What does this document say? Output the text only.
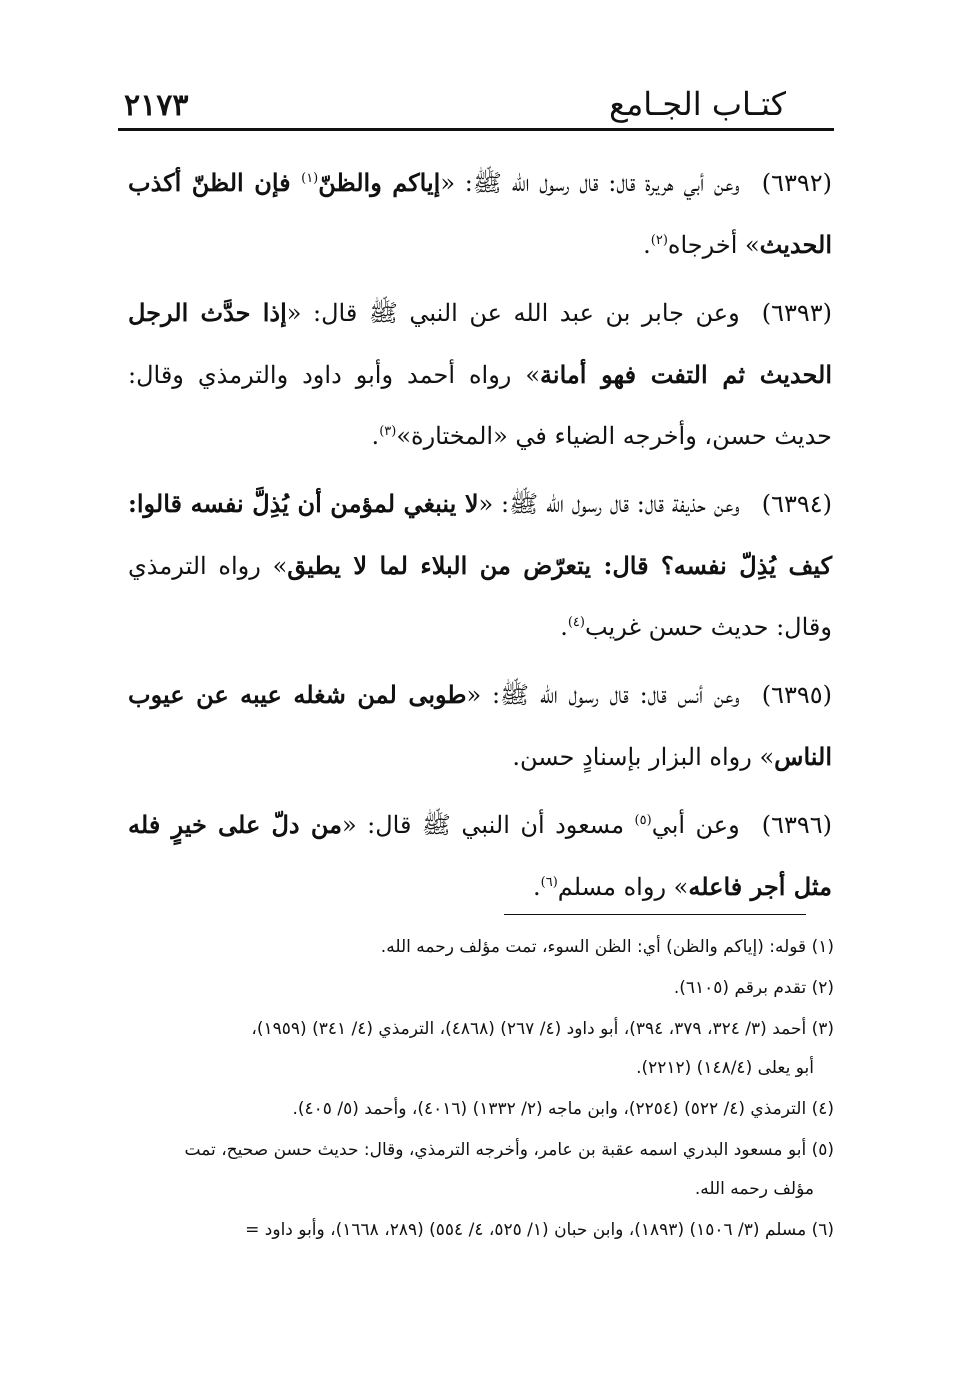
كتـاب الجـامع
٢١٧٣

(٦٣٩٢)وعن أبي هريرة قال: قال رسول الله ﷺ: «إياكم والظنّ$^{(١)}$ فإن الظنّ أكذب الحديث» أخرجاه$^{(٢)}$.

(٦٣٩٣)وعن جابر بن عبد الله عن النبي ﷺ قال: «إذا حدَّث الرجل الحديث ثم التفت فهو أمانة» رواه أحمد وأبو داود والترمذي وقال: حديث حسن، وأخرجه الضياء في «المختارة»$^{(٣)}$.

(٦٣٩٤)وعن حذيفة قال: قال رسول الله ﷺ: «لا ينبغي لمؤمن أن يُذِلَّ نفسه قالوا: كيف يُذِلّ نفسه؟ قال: يتعرّض من البلاء لما لا يطيق» رواه الترمذي وقال: حديث حسن غريب$^{(٤)}$.

(٦٣٩٥)وعن أنس قال: قال رسول الله ﷺ: «طوبى لمن شغله عيبه عن عيوب الناس» رواه البزار بإسنادٍ حسن.

(٦٣٩٦)وعن أبي$^{(٥)}$ مسعود أن النبي ﷺ قال: «من دلّ على خيرٍ فله مثل أجر فاعله» رواه مسلم$^{(٦)}$.

(١) قوله: (إياكم والظن) أي: الظن السوء، تمت مؤلف رحمه الله.

(٢) تقدم برقم (٦١٠٥).

(٣) أحمد (٣/ ٣٢٤، ٣٧٩، ٣٩٤)، أبو داود (٤/ ٢٦٧) (٤٨٦٨)، الترمذي (٤/ ٣٤١) (١٩٥٩)،
أبو يعلى (١٤٨/٤) (٢٢١٢).

(٤) الترمذي (٤/ ٥٢٢) (٢٢٥٤)، وابن ماجه (٢/ ١٣٣٢) (٤٠١٦)، وأحمد (٥/ ٤٠٥).

(٥) أبو مسعود البدري اسمه عقبة بن عامر، وأخرجه الترمذي، وقال: حديث حسن صحيح، تمت
مؤلف رحمه الله.

(٦) مسلم (٣/ ١٥٠٦) (١٨٩٣)، وابن حبان (١/ ٥٢٥، ٤/ ٥٥٤) (٢٨٩، ١٦٦٨)، وأبو داود =
